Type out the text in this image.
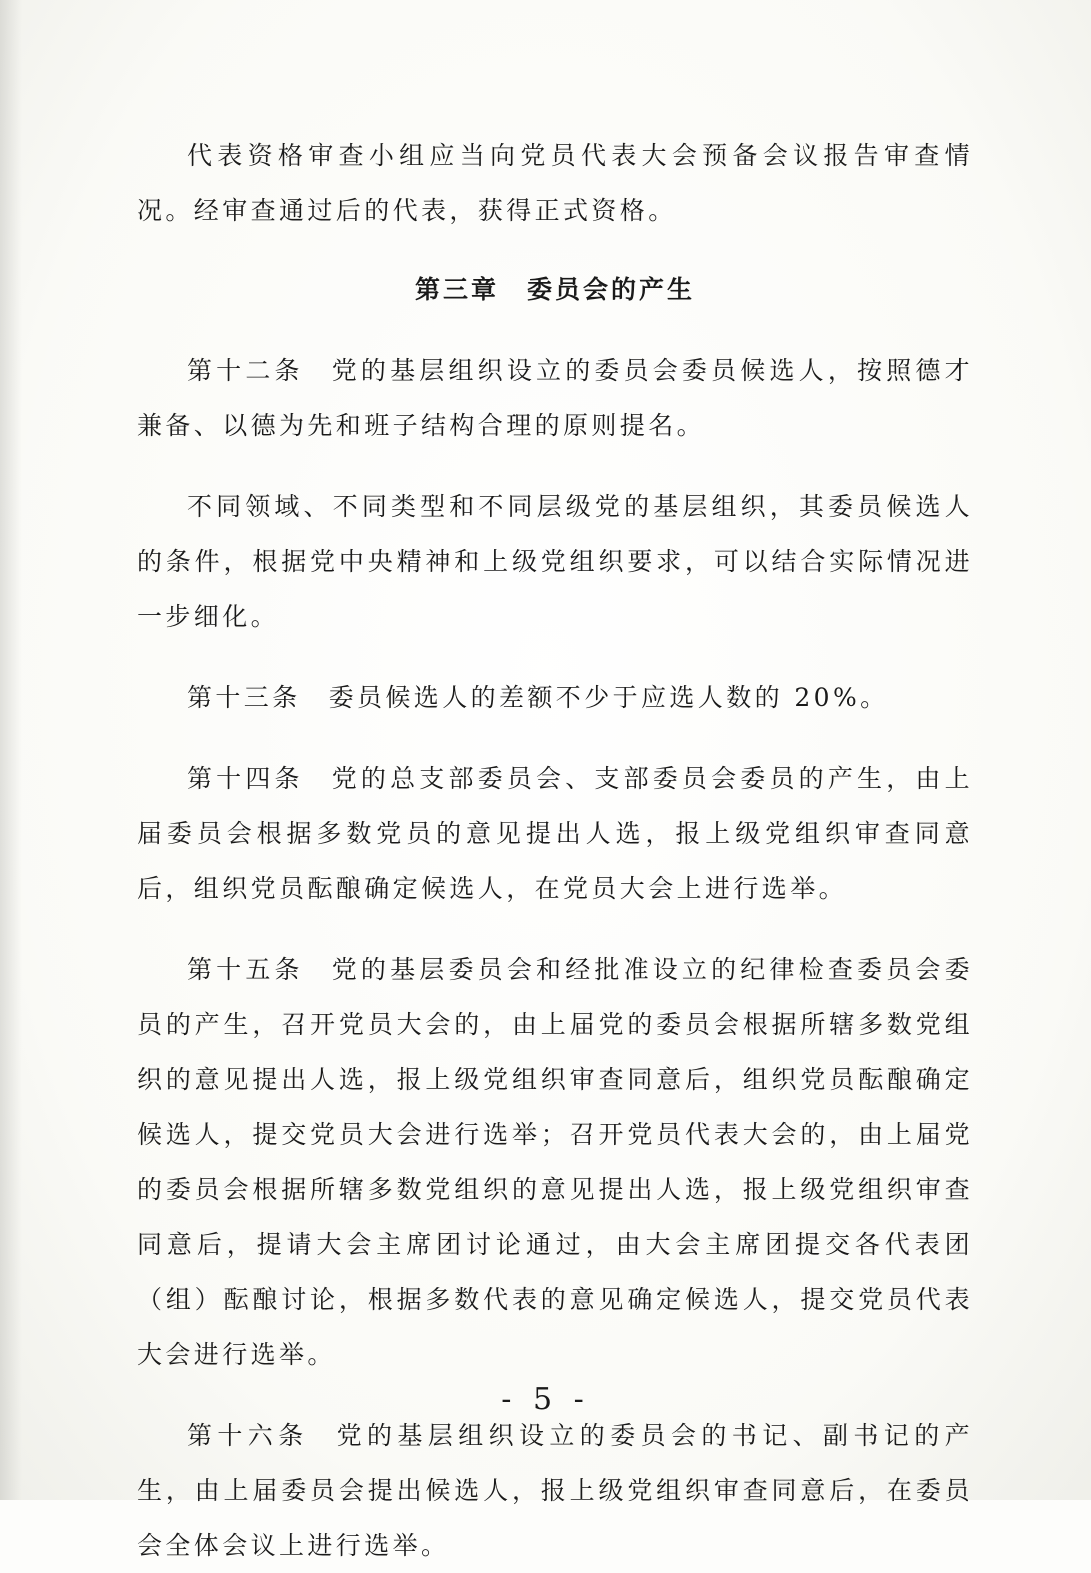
代表资格审查小组应当向党员代表大会预备会议报告审查情况。经审查通过后的代表，获得正式资格。

第三章　委员会的产生

第十二条 党的基层组织设立的委员会委员候选人，按照德才兼备、以德为先和班子结构合理的原则提名。

不同领域、不同类型和不同层级党的基层组织，其委员候选人的条件，根据党中央精神和上级党组织要求，可以结合实际情况进一步细化。

第十三条 委员候选人的差额不少于应选人数的 20%。

第十四条 党的总支部委员会、支部委员会委员的产生，由上届委员会根据多数党员的意见提出人选，报上级党组织审查同意后，组织党员酝酿确定候选人，在党员大会上进行选举。

第十五条 党的基层委员会和经批准设立的纪律检查委员会委员的产生，召开党员大会的，由上届党的委员会根据所辖多数党组织的意见提出人选，报上级党组织审查同意后，组织党员酝酿确定候选人，提交党员大会进行选举；召开党员代表大会的，由上届党的委员会根据所辖多数党组织的意见提出人选，报上级党组织审查同意后，提请大会主席团讨论通过，由大会主席团提交各代表团（组）酝酿讨论，根据多数代表的意见确定候选人，提交党员代表大会进行选举。

第十六条 党的基层组织设立的委员会的书记、副书记的产生，由上届委员会提出候选人，报上级党组织审查同意后，在委员会全体会议上进行选举。

- 5 -
